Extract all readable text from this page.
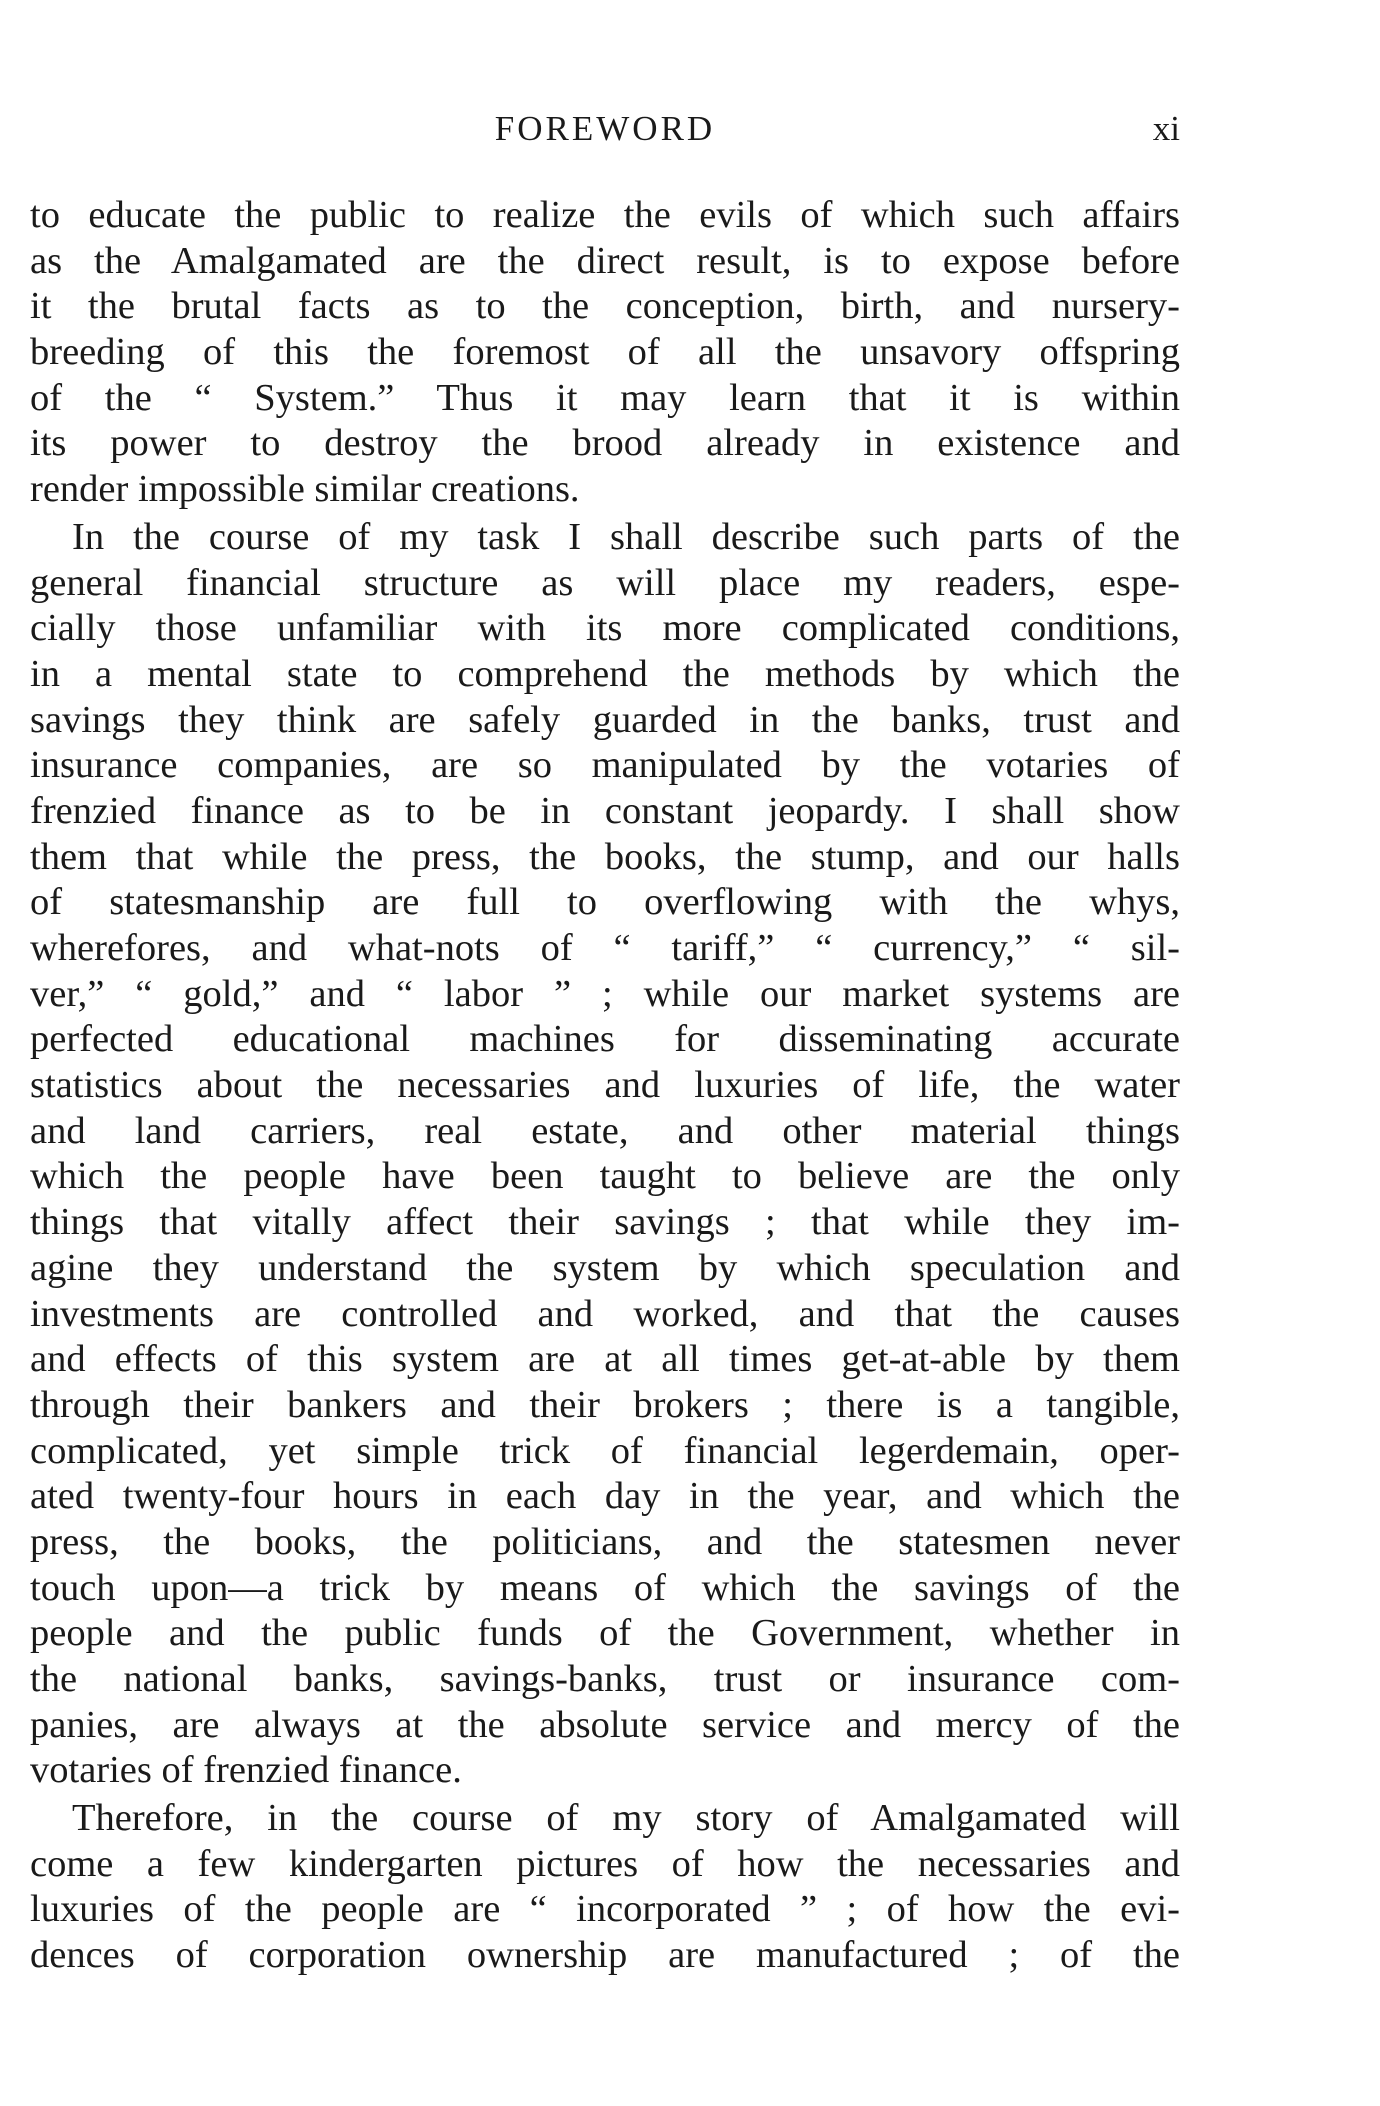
FOREWORD	xi
to educate the public to realize the evils of which such affairs
as the Amalgamated are the direct result, is to expose before
it the brutal facts as to the conception, birth, and nursery-
breeding of this the foremost of all the unsavory offspring
of the “ System.” Thus it may learn that it is within
its power to destroy the brood already in existence and
render impossible similar creations.
In the course of my task I shall describe such parts of the
general financial structure as will place my readers, espe-
cially those unfamiliar with its more complicated conditions,
in a mental state to comprehend the methods by which the
savings they think are safely guarded in the banks, trust and
insurance companies, are so manipulated by the votaries of
frenzied finance as to be in constant jeopardy. I shall show
them that while the press, the books, the stump, and our halls
of statesmanship are full to overflowing with the whys,
wherefores, and what-nots of “ tariff,” “ currency,” “ sil-
ver,” “ gold,” and “ labor ” ; while our market systems are
perfected educational machines for disseminating accurate
statistics about the necessaries and luxuries of life, the water
and land carriers, real estate, and other material things
which the people have been taught to believe are the only
things that vitally affect their savings ; that while they im-
agine they understand the system by which speculation and
investments are controlled and worked, and that the causes
and effects of this system are at all times get-at-able by them
through their bankers and their brokers ; there is a tangible,
complicated, yet simple trick of financial legerdemain, oper-
ated twenty-four hours in each day in the year, and which the
press, the books, the politicians, and the statesmen never
touch upon—a trick by means of which the savings of the
people and the public funds of the Government, whether in
the national banks, savings-banks, trust or insurance com-
panies, are always at the absolute service and mercy of the
votaries of frenzied finance.
Therefore, in the course of my story of Amalgamated will
come a few kindergarten pictures of how the necessaries and
luxuries of the people are “ incorporated ” ; of how the evi-
dences of corporation ownership are manufactured ; of the
